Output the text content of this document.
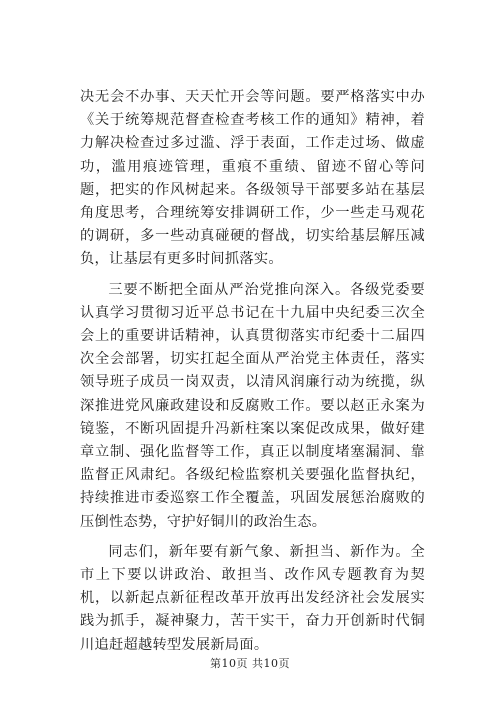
决无会不办事、天天忙开会等问题。要严格落实中办《关于统筹规范督查检查考核工作的通知》精神，着力解决检查过多过滥、浮于表面，工作走过场、做虚功，滥用痕迹管理，重痕不重绩、留迹不留心等问题，把实的作风树起来。各级领导干部要多站在基层角度思考，合理统筹安排调研工作，少一些走马观花的调研，多一些动真碰硬的督战，切实给基层解压减负，让基层有更多时间抓落实。

三要不断把全面从严治党推向深入。各级党委要认真学习贯彻习近平总书记在十九届中央纪委三次全会上的重要讲话精神，认真贯彻落实市纪委十二届四次全会部署，切实扛起全面从严治党主体责任，落实领导班子成员一岗双责，以清风润廉行动为统揽，纵深推进党风廉政建设和反腐败工作。要以赵正永案为镜鉴，不断巩固提升冯新柱案以案促改成果，做好建章立制、强化监督等工作，真正以制度堵塞漏洞、靠监督正风肃纪。各级纪检监察机关要强化监督执纪，持续推进市委巡察工作全覆盖，巩固发展惩治腐败的压倒性态势，守护好铜川的政治生态。

同志们，新年要有新气象、新担当、新作为。全市上下要以讲政治、敢担当、改作风专题教育为契机，以新起点新征程改革开放再出发经济社会发展实践为抓手，凝神聚力，苦干实干，奋力开创新时代铜川追赶超越转型发展新局面。

第10页 共10页
